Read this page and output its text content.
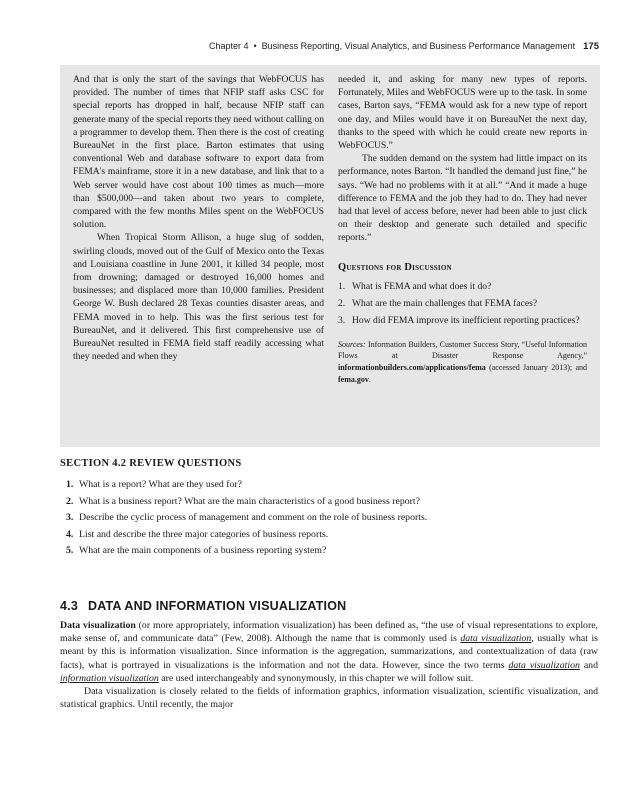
Chapter 4 • Business Reporting, Visual Analytics, and Business Performance Management 175

And that is only the start of the savings that WebFOCUS has provided. The number of times that NFIP staff asks CSC for special reports has dropped in half, because NFIP staff can generate many of the special reports they need without calling on a programmer to develop them. Then there is the cost of creating BureauNet in the first place. Barton estimates that using conventional Web and database software to export data from FEMA's mainframe, store it in a new database, and link that to a Web server would have cost about 100 times as much—more than $500,000—and taken about two years to complete, compared with the few months Miles spent on the WebFOCUS solution.

When Tropical Storm Allison, a huge slug of sodden, swirling clouds, moved out of the Gulf of Mexico onto the Texas and Louisiana coastline in June 2001, it killed 34 people, most from drowning; damaged or destroyed 16,000 homes and businesses; and displaced more than 10,000 families. President George W. Bush declared 28 Texas counties disaster areas, and FEMA moved in to help. This was the first serious test for BureauNet, and it delivered. This first comprehensive use of BureauNet resulted in FEMA field staff readily accessing what they needed and when they

needed it, and asking for many new types of reports. Fortunately, Miles and WebFOCUS were up to the task. In some cases, Barton says, “FEMA would ask for a new type of report one day, and Miles would have it on BureauNet the next day, thanks to the speed with which he could create new reports in WebFOCUS.”

The sudden demand on the system had little impact on its performance, notes Barton. “It handled the demand just fine,” he says. “We had no problems with it at all.” “And it made a huge difference to FEMA and the job they had to do. They had never had that level of access before, never had been able to just click on their desktop and generate such detailed and specific reports.”

Questions for Discussion
1. What is FEMA and what does it do?
2. What are the main challenges that FEMA faces?
3. How did FEMA improve its inefficient reporting practices?

Sources: Information Builders, Customer Success Story, “Useful Information Flows at Disaster Response Agency,” informationbuilders.com/applications/fema (accessed January 2013); and fema.gov.

SECTION 4.2 REVIEW QUESTIONS
1. What is a report? What are they used for?
2. What is a business report? What are the main characteristics of a good business report?
3. Describe the cyclic process of management and comment on the role of business reports.
4. List and describe the three major categories of business reports.
5. What are the main components of a business reporting system?
4.3 DATA AND INFORMATION VISUALIZATION

Data visualization (or more appropriately, information visualization) has been defined as, “the use of visual representations to explore, make sense of, and communicate data” (Few, 2008). Although the name that is commonly used is data visualization, usually what is meant by this is information visualization. Since information is the aggregation, summarizations, and contextualization of data (raw facts), what is portrayed in visualizations is the information and not the data. However, since the two terms data visualization and information visualization are used interchangeably and synonymously, in this chapter we will follow suit.

Data visualization is closely related to the fields of information graphics, information visualization, scientific visualization, and statistical graphics. Until recently, the major
